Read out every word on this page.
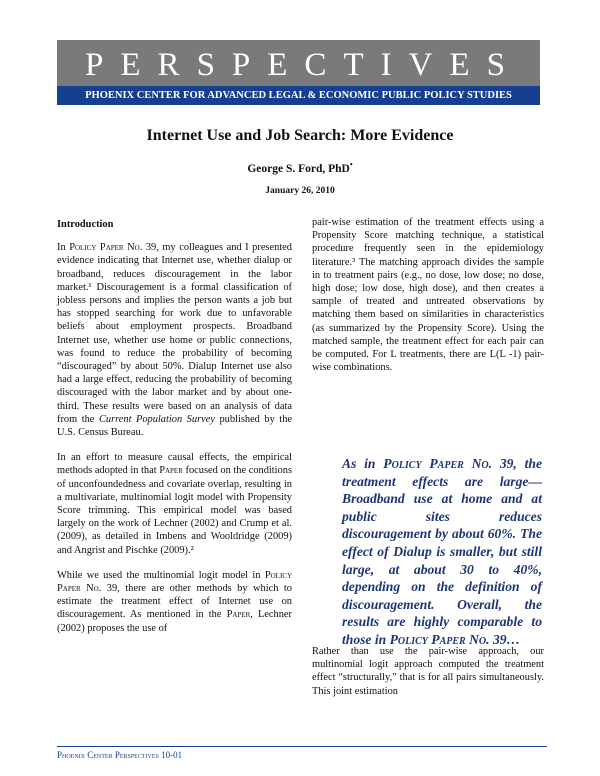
PERSPECTIVES
PHOENIX CENTER FOR ADVANCED LEGAL & ECONOMIC PUBLIC POLICY STUDIES
Internet Use and Job Search: More Evidence
George S. Ford, PhD•
January 26, 2010

Introduction

In Policy Paper No. 39, my colleagues and I presented evidence indicating that Internet use, whether dialup or broadband, reduces discouragement in the labor market.¹ Discouragement is a formal classification of jobless persons and implies the person wants a job but has stopped searching for work due to unfavorable beliefs about employment prospects. Broadband Internet use, whether use home or public connections, was found to reduce the probability of becoming “discouraged” by about 50%. Dialup Internet use also had a large effect, reducing the probability of becoming discouraged with the labor market and by about one-third. These results were based on an analysis of data from the Current Population Survey published by the U.S. Census Bureau.

In an effort to measure causal effects, the empirical methods adopted in that Paper focused on the conditions of unconfoundedness and covariate overlap, resulting in a multivariate, multinomial logit model with Propensity Score trimming. This empirical model was based largely on the work of Lechner (2002) and Crump et al. (2009), as detailed in Imbens and Wooldridge (2009) and Angrist and Pischke (2009).²

While we used the multinomial logit model in Policy Paper No. 39, there are other methods by which to estimate the treatment effect of Internet use on discouragement. As mentioned in the Paper, Lechner (2002) proposes the use of

pair-wise estimation of the treatment effects using a Propensity Score matching technique, a statistical procedure frequently seen in the epidemiology literature.³ The matching approach divides the sample in to treatment pairs (e.g., no dose, low dose; no dose, high dose; low dose, high dose), and then creates a sample of treated and untreated observations by matching them based on similarities in characteristics (as summarized by the Propensity Score). Using the matched sample, the treatment effect for each pair can be computed. For L treatments, there are L(L -1) pair-wise combinations.

As in Policy Paper No. 39, the treatment effects are large—Broadband use at home and at public sites reduces discouragement by about 60%. The effect of Dialup is smaller, but still large, at about 30 to 40%, depending on the definition of discouragement. Overall, the results are highly comparable to those in Policy Paper No. 39…

Rather than use the pair-wise approach, our multinomial logit approach computed the treatment effect “structurally,” that is for all pairs simultaneously. This joint estimation

Phoenix Center Perspectives 10-01
